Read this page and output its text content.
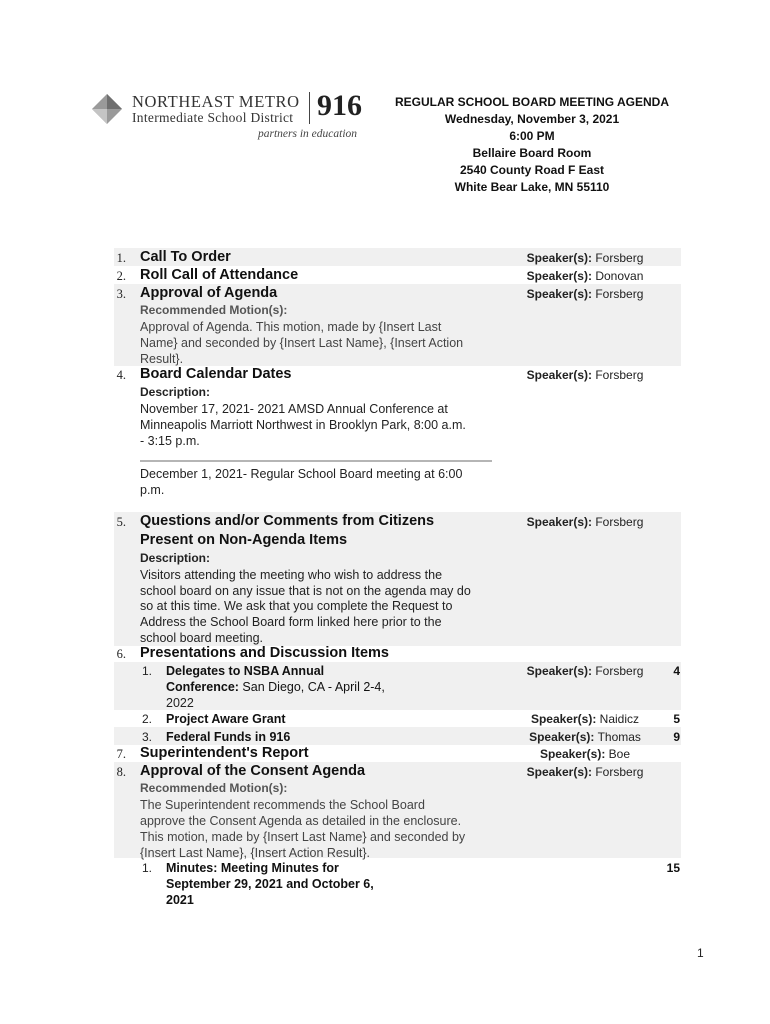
NORTHEAST METRO
Intermediate School District 916
partners in education
REGULAR SCHOOL BOARD MEETING AGENDA
Wednesday, November 3, 2021
6:00 PM
Bellaire Board Room
2540 County Road F East
White Bear Lake, MN 55110
1. Call To Order	Speaker(s): Forsberg
2. Roll Call of Attendance	Speaker(s): Donovan
3. Approval of Agenda	Speaker(s): Forsberg
Recommended Motion(s):
Approval of Agenda. This motion, made by {Insert Last
Name} and seconded by {Insert Last Name}, {Insert Action
Result}.
4. Board Calendar Dates	Speaker(s): Forsberg
Description:
November 17, 2021- 2021 AMSD Annual Conference at
Minneapolis Marriott Northwest in Brooklyn Park, 8:00 a.m.
- 3:15 p.m.
December 1, 2021- Regular School Board meeting at 6:00
p.m.
5. Questions and/or Comments from Citizens
Present on Non-Agenda Items
Speaker(s): Forsberg
Description:
Visitors attending the meeting who wish to address the
school board on any issue that is not on the agenda may do
so at this time. We ask that you complete the Request to
Address the School Board form linked here prior to the
school board meeting.
6. Presentations and Discussion Items
1. Delegates to NSBA Annual
Conference: San Diego, CA - April 2-4,
2022
Speaker(s): Forsberg	4
2. Project Aware Grant	Speaker(s): Naidicz	5
3. Federal Funds in 916	Speaker(s): Thomas	9
7. Superintendent's Report	Speaker(s): Boe
8. Approval of the Consent Agenda	Speaker(s): Forsberg
Recommended Motion(s):
The Superintendent recommends the School Board
approve the Consent Agenda as detailed in the enclosure.
This motion, made by {Insert Last Name} and seconded by
{Insert Last Name}, {Insert Action Result}.
1. Minutes: Meeting Minutes for
September 29, 2021 and October 6,
2021
15
1
